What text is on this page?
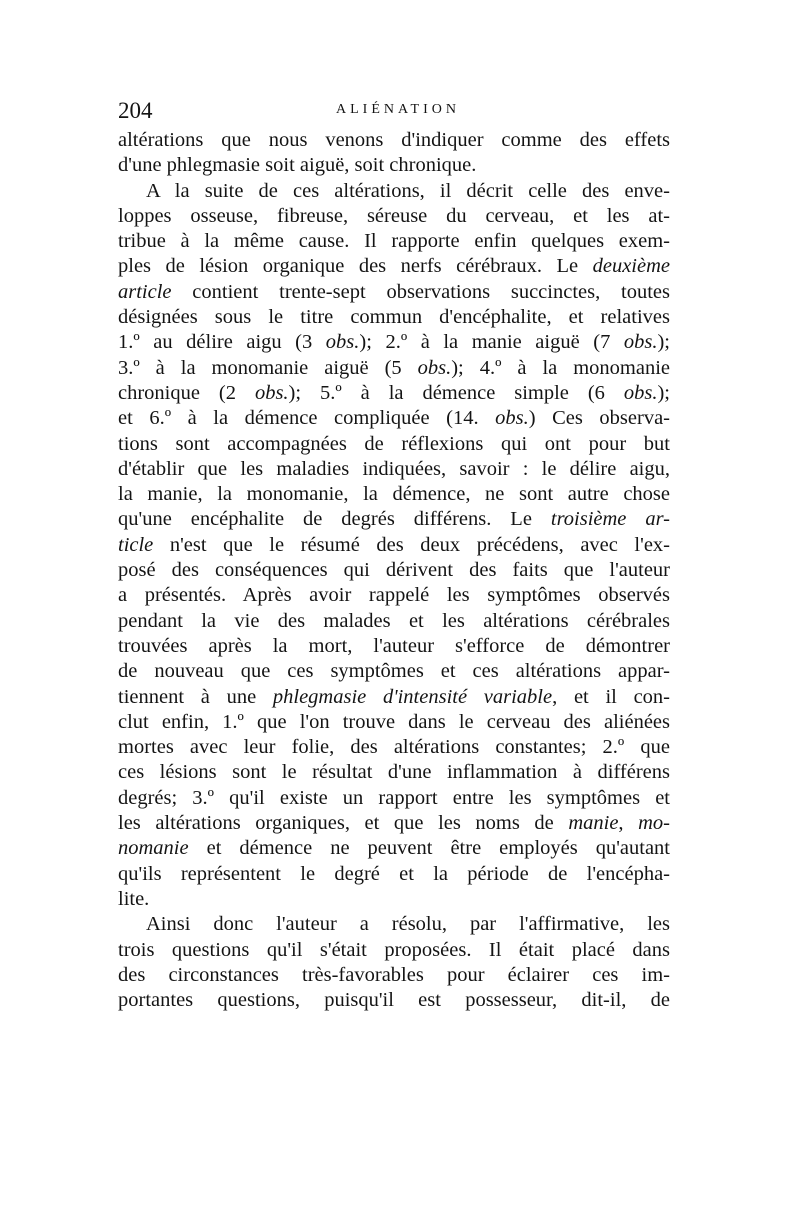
204	ALIÉNATION
altérations que nous venons d'indiquer comme des effets
d'une phlegmasie soit aiguë, soit chronique.
A la suite de ces altérations, il décrit celle des enve-
loppes osseuse, fibreuse, séreuse du cerveau, et les at-
tribue à la même cause. Il rapporte enfin quelques exem-
ples de lésion organique des nerfs cérébraux. Le deuxième
article contient trente-sept observations succinctes, toutes
désignées sous le titre commun d'encéphalite, et relatives
1.º au délire aigu (3 obs.); 2.º à la manie aiguë (7 obs.);
3.º à la monomanie aiguë (5 obs.); 4.º à la monomanie
chronique (2 obs.); 5.º à la démence simple (6 obs.);
et 6.º à la démence compliquée (14. obs.) Ces observa-
tions sont accompagnées de réflexions qui ont pour but
d'établir que les maladies indiquées, savoir : le délire aigu,
la manie, la monomanie, la démence, ne sont autre chose
qu'une encéphalite de degrés différens. Le troisième ar-
ticle n'est que le résumé des deux précédens, avec l'ex-
posé des conséquences qui dérivent des faits que l'auteur
a présentés. Après avoir rappelé les symptômes observés
pendant la vie des malades et les altérations cérébrales
trouvées après la mort, l'auteur s'efforce de démontrer
de nouveau que ces symptômes et ces altérations appar-
tiennent à une phlegmasie d'intensité variable, et il con-
clut enfin, 1.º que l'on trouve dans le cerveau des aliénées
mortes avec leur folie, des altérations constantes; 2.º que
ces lésions sont le résultat d'une inflammation à différens
degrés; 3.º qu'il existe un rapport entre les symptômes et
les altérations organiques, et que les noms de manie, mo-
nomanie et démence ne peuvent être employés qu'autant
qu'ils représentent le degré et la période de l'encépha-
lite.
Ainsi donc l'auteur a résolu, par l'affirmative, les
trois questions qu'il s'était proposées. Il était placé dans
des circonstances très-favorables pour éclairer ces im-
portantes questions, puisqu'il est possesseur, dit-il, de
